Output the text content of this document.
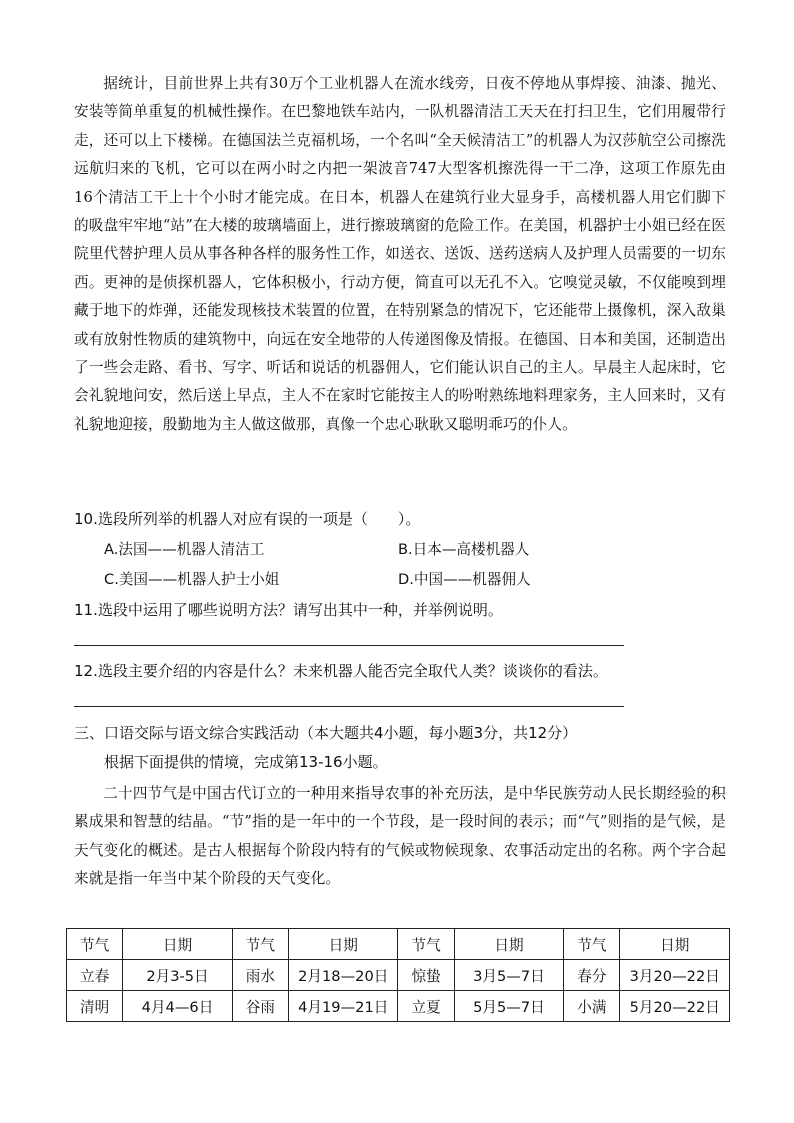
据统计，目前世界上共有30万个工业机器人在流水线旁，日夜不停地从事焊接、油漆、抛光、安装等简单重复的机械性操作。在巴黎地铁车站内，一队机器清洁工天天在打扫卫生，它们用履带行走，还可以上下楼梯。在德国法兰克福机场，一个名叫“全天候清洁工”的机器人为汉莎航空公司擦洗远航归来的飞机，它可以在两小时之内把一架波音747大型客机擦洗得一干二净，这项工作原先由16个清洁工干上十个小时才能完成。在日本，机器人在建筑行业大显身手，高楼机器人用它们脚下的吸盘牢牢地“站”在大楼的玻璃墙面上，进行擦玻璃窗的危险工作。在美国，机器护士小姐已经在医院里代替护理人员从事各种各样的服务性工作，如送衣、送饭、送药送病人及护理人员需要的一切东西。更神的是侦探机器人，它体积极小，行动方便，简直可以无孔不入。它嗅觉灵敏，不仅能嗅到埋藏于地下的炸弹，还能发现核技术装置的位置，在特别紧急的情况下，它还能带上摄像机，深入敌巢或有放射性物质的建筑物中，向远在安全地带的人传递图像及情报。在德国、日本和美国，还制造出了一些会走路、看书、写字、听话和说话的机器佣人，它们能认识自己的主人。早晨主人起床时，它会礼貌地问安，然后送上早点，主人不在家时它能按主人的吩咐熟练地料理家务，主人回来时，又有礼貌地迎接，殷勤地为主人做这做那，真像一个忠心耿耿又聪明乖巧的仆人。

10.选段所列举的机器人对应有误的一项是（　　）。
A.法国——机器人清洁工	B.日本—高楼机器人
C.美国——机器人护士小姐	D.中国——机器佣人
11.选段中运用了哪些说明方法？请写出其中一种，并举例说明。
12.选段主要介绍的内容是什么？未来机器人能否完全取代人类？谈谈你的看法。
三、口语交际与语文综合实践活动（本大题共4小题，每小题3分，共12分）
根据下面提供的情境，完成第13-16小题。

二十四节气是中国古代订立的一种用来指导农事的补充历法，是中华民族劳动人民长期经验的积累成果和智慧的结晶。“节”指的是一年中的一个节段，是一段时间的表示；而“气”则指的是气候，是天气变化的概述。是古人根据每个阶段内特有的气候或物候现象、农事活动定出的名称。两个字合起来就是指一年当中某个阶段的天气变化。

节气	日期	节气	日期	节气	日期	节气	日期
立春	2月3-5日	雨水	2月18—20日	惊蛰	3月5—7日	春分	3月20—22日
清明	4月4—6日	谷雨	4月19—21日	立夏	5月5—7日	小满	5月20—22日
